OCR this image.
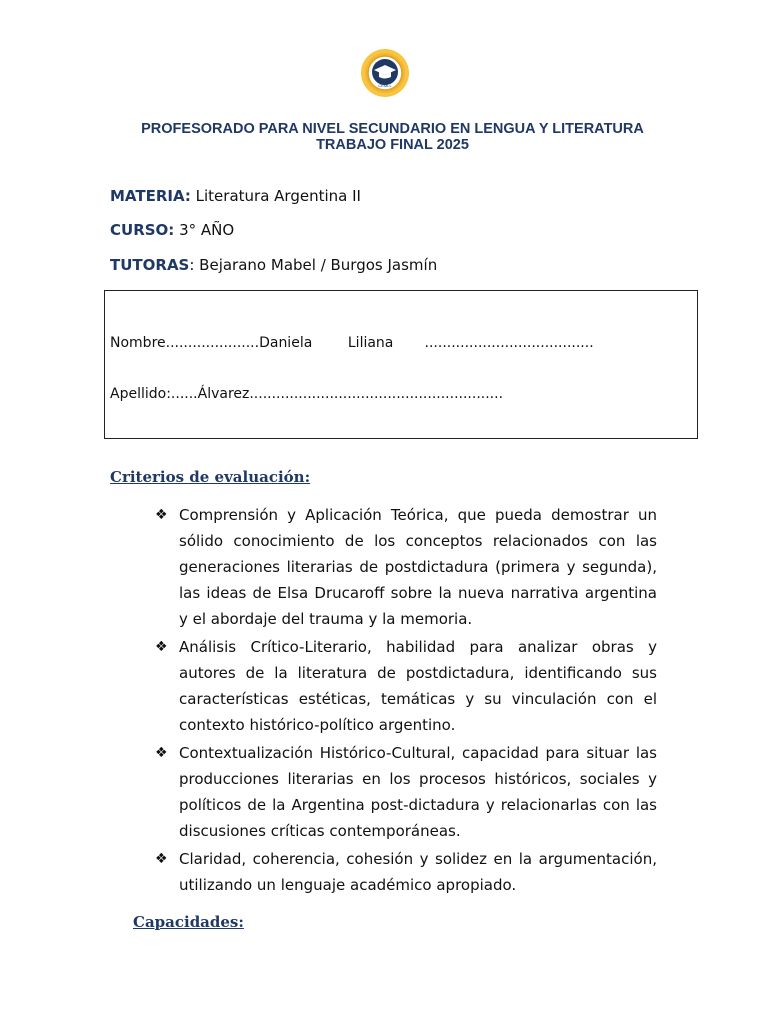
CEMLL
PROFESORADO PARA NIVEL SECUNDARIO EN LENGUA Y LITERATURA
TRABAJO FINAL 2025
MATERIA: Literatura Argentina II
CURSO: 3° AÑO
TUTORAS: Bejarano Mabel / Burgos Jasmín

Nombre.....................Daniela        Liliana       ......................................

Apellido:......Álvarez.........................................................

Criterios de evaluación:
❖ Comprensión y Aplicación Teórica, que pueda demostrar un sólido conocimiento de los conceptos relacionados con las generaciones literarias de postdictadura (primera y segunda), las ideas de Elsa Drucaroff sobre la nueva narrativa argentina y el abordaje del trauma y la memoria.
❖ Análisis Crítico-Literario, habilidad para analizar obras y autores de la literatura de postdictadura, identificando sus características estéticas, temáticas y su vinculación con el contexto histórico-político argentino.
❖ Contextualización Histórico-Cultural, capacidad para situar las producciones literarias en los procesos históricos, sociales y políticos de la Argentina post-dictadura y relacionarlas con las discusiones críticas contemporáneas.
❖ Claridad, coherencia, cohesión y solidez en la argumentación, utilizando un lenguaje académico apropiado.
Capacidades:
